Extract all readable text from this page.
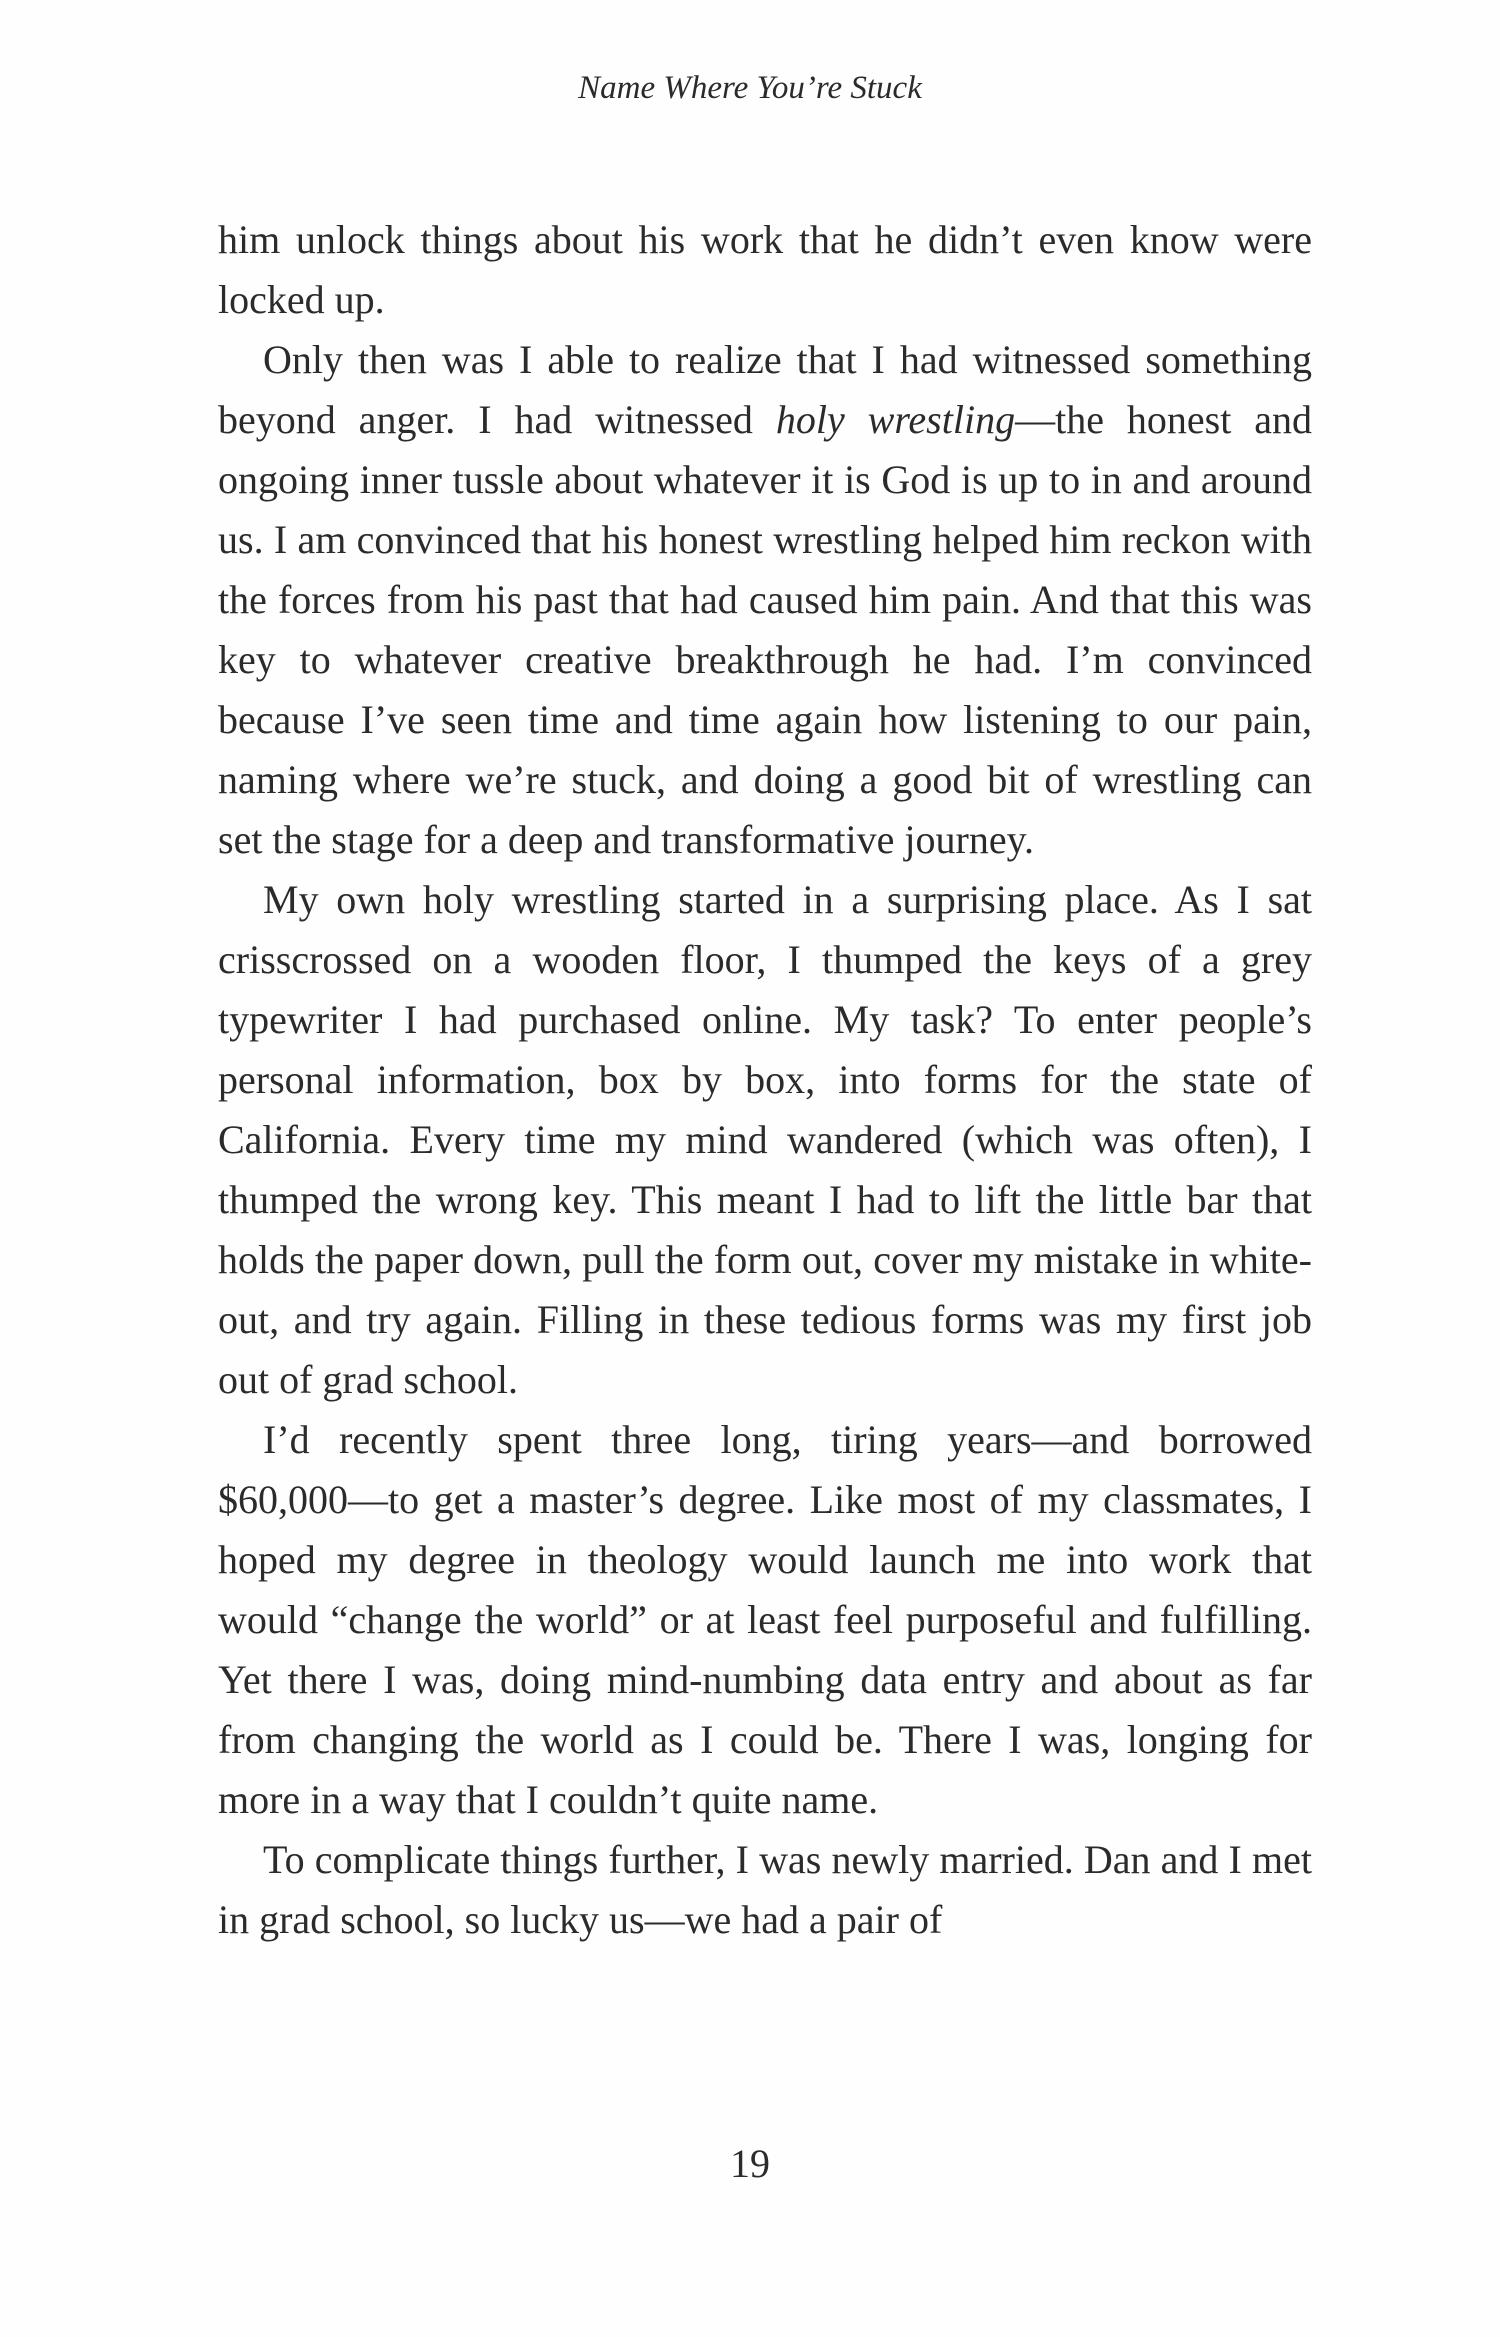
Name Where You’re Stuck

him unlock things about his work that he didn’t even know were locked up.

Only then was I able to realize that I had witnessed something beyond anger. I had witnessed holy wrestling—the honest and ongoing inner tussle about whatever it is God is up to in and around us. I am convinced that his honest wrestling helped him reckon with the forces from his past that had caused him pain. And that this was key to whatever creative breakthrough he had. I’m convinced because I’ve seen time and time again how listening to our pain, naming where we’re stuck, and doing a good bit of wrestling can set the stage for a deep and transformative journey.

My own holy wrestling started in a surprising place. As I sat crisscrossed on a wooden floor, I thumped the keys of a grey typewriter I had purchased online. My task? To enter people’s personal information, box by box, into forms for the state of California. Every time my mind wandered (which was often), I thumped the wrong key. This meant I had to lift the little bar that holds the paper down, pull the form out, cover my mistake in white-out, and try again. Filling in these tedious forms was my first job out of grad school.

I’d recently spent three long, tiring years—and borrowed $60,000—to get a master’s degree. Like most of my classmates, I hoped my degree in theology would launch me into work that would “change the world” or at least feel purposeful and fulfilling. Yet there I was, doing mind-numbing data entry and about as far from changing the world as I could be. There I was, longing for more in a way that I couldn’t quite name.

To complicate things further, I was newly married. Dan and I met in grad school, so lucky us—we had a pair of

19
